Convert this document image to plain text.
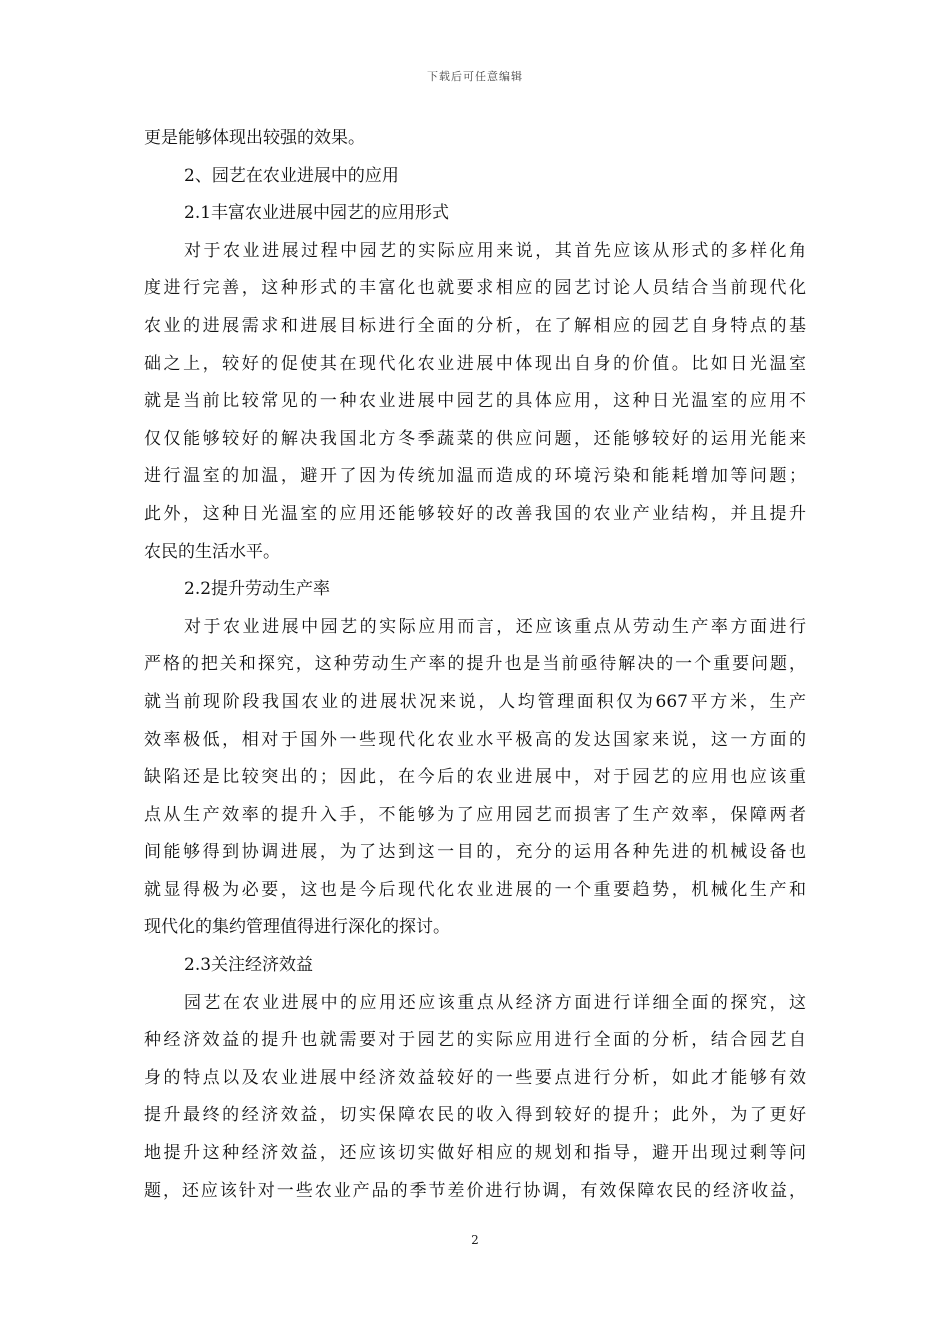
下载后可任意编辑
更是能够体现出较强的效果。
2、园艺在农业进展中的应用
2.1丰富农业进展中园艺的应用形式
对于农业进展过程中园艺的实际应用来说，其首先应该从形式的多样化角
度进行完善，这种形式的丰富化也就要求相应的园艺讨论人员结合当前现代化
农业的进展需求和进展目标进行全面的分析，在了解相应的园艺自身特点的基
础之上，较好的促使其在现代化农业进展中体现出自身的价值。比如日光温室
就是当前比较常见的一种农业进展中园艺的具体应用，这种日光温室的应用不
仅仅能够较好的解决我国北方冬季蔬菜的供应问题，还能够较好的运用光能来
进行温室的加温，避开了因为传统加温而造成的环境污染和能耗增加等问题；
此外，这种日光温室的应用还能够较好的改善我国的农业产业结构，并且提升
农民的生活水平。
2.2提升劳动生产率
对于农业进展中园艺的实际应用而言，还应该重点从劳动生产率方面进行
严格的把关和探究，这种劳动生产率的提升也是当前亟待解决的一个重要问题，
就当前现阶段我国农业的进展状况来说，人均管理面积仅为667平方米，生产
效率极低，相对于国外一些现代化农业水平极高的发达国家来说，这一方面的
缺陷还是比较突出的；因此，在今后的农业进展中，对于园艺的应用也应该重
点从生产效率的提升入手，不能够为了应用园艺而损害了生产效率，保障两者
间能够得到协调进展，为了达到这一目的，充分的运用各种先进的机械设备也
就显得极为必要，这也是今后现代化农业进展的一个重要趋势，机械化生产和
现代化的集约管理值得进行深化的探讨。
2.3关注经济效益
园艺在农业进展中的应用还应该重点从经济方面进行详细全面的探究，这
种经济效益的提升也就需要对于园艺的实际应用进行全面的分析，结合园艺自
身的特点以及农业进展中经济效益较好的一些要点进行分析，如此才能够有效
提升最终的经济效益，切实保障农民的收入得到较好的提升；此外，为了更好
地提升这种经济效益，还应该切实做好相应的规划和指导，避开出现过剩等问
题，还应该针对一些农业产品的季节差价进行协调，有效保障农民的经济收益，
2
